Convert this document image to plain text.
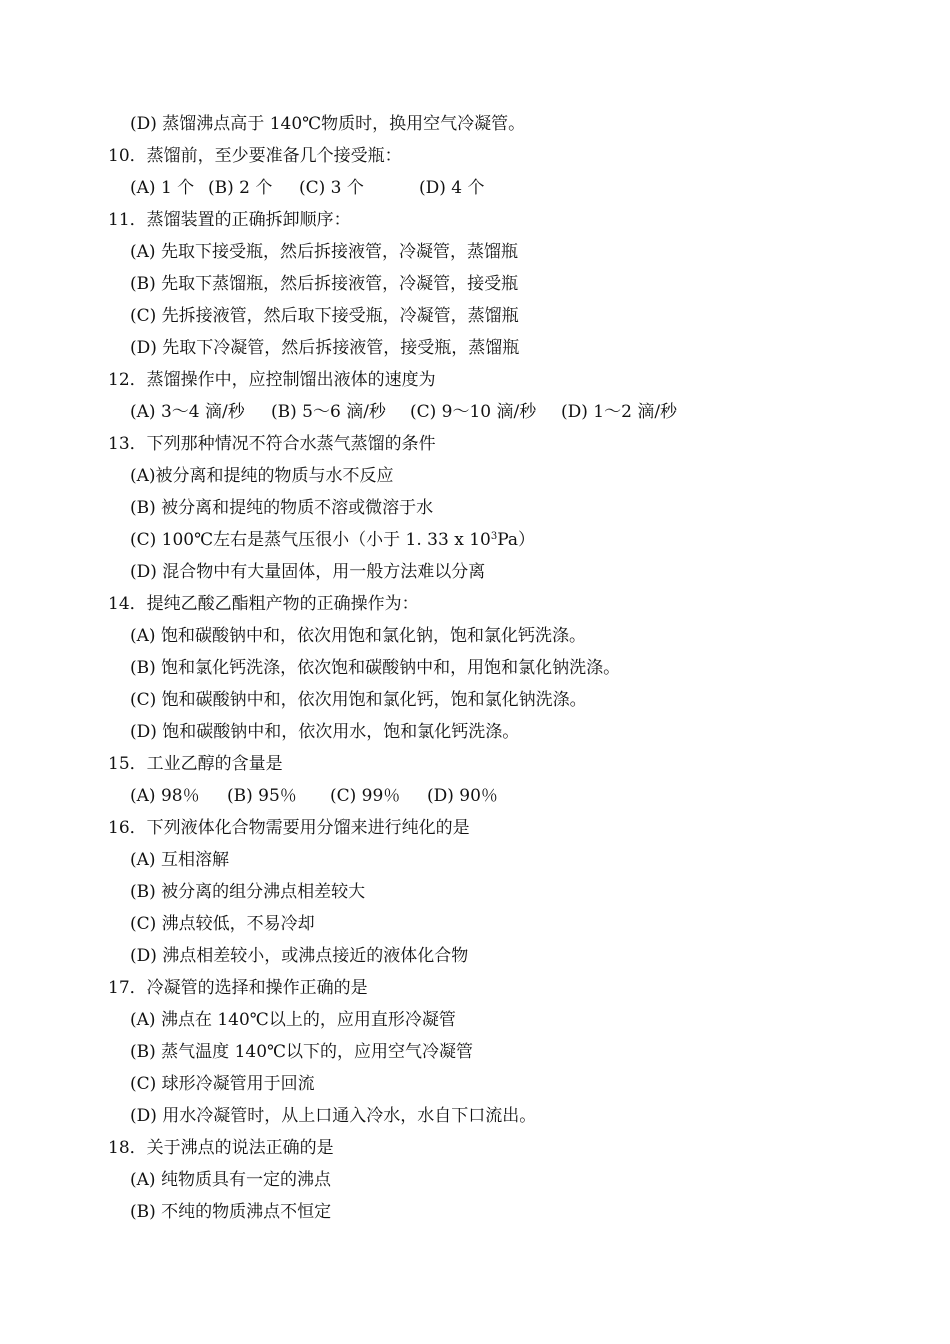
(D) 蒸馏沸点高于 140℃物质时，换用空气冷凝管。
10．蒸馏前，至少要准备几个接受瓶：
(A) 1 个 (B) 2 个 (C) 3 个	(D) 4 个
11．蒸馏装置的正确拆卸顺序：
(A) 先取下接受瓶，然后拆接液管，冷凝管，蒸馏瓶
(B) 先取下蒸馏瓶，然后拆接液管，冷凝管，接受瓶
(C) 先拆接液管，然后取下接受瓶，冷凝管，蒸馏瓶
(D) 先取下冷凝管，然后拆接液管，接受瓶，蒸馏瓶
12．蒸馏操作中，应控制馏出液体的速度为
(A) 3～4 滴/秒 (B) 5～6 滴/秒 (C) 9～10 滴/秒 (D) 1～2 滴/秒
13．下列那种情况不符合水蒸气蒸馏的条件
(A)被分离和提纯的物质与水不反应
(B) 被分离和提纯的物质不溶或微溶于水
(C) 100℃左右是蒸气压很小（小于 1. 33 x $10^3Pa$）
(D) 混合物中有大量固体，用一般方法难以分离
14．提纯乙酸乙酯粗产物的正确操作为：
(A) 饱和碳酸钠中和，依次用饱和氯化钠，饱和氯化钙洗涤。
(B) 饱和氯化钙洗涤，依次饱和碳酸钠中和，用饱和氯化钠洗涤。
(C) 饱和碳酸钠中和，依次用饱和氯化钙，饱和氯化钠洗涤。
(D) 饱和碳酸钠中和，依次用水，饱和氯化钙洗涤。
15．工业乙醇的含量是
(A) 98％ (B) 95％ (C) 99％ (D) 90％
16．下列液体化合物需要用分馏来进行纯化的是
(A) 互相溶解
(B) 被分离的组分沸点相差较大
(C) 沸点较低，不易冷却
(D) 沸点相差较小，或沸点接近的液体化合物
17．冷凝管的选择和操作正确的是
(A) 沸点在 140℃以上的，应用直形冷凝管
(B) 蒸气温度 140℃以下的，应用空气冷凝管
(C) 球形冷凝管用于回流
(D) 用水冷凝管时，从上口通入冷水，水自下口流出。
18．关于沸点的说法正确的是
(A) 纯物质具有一定的沸点
(B) 不纯的物质沸点不恒定
